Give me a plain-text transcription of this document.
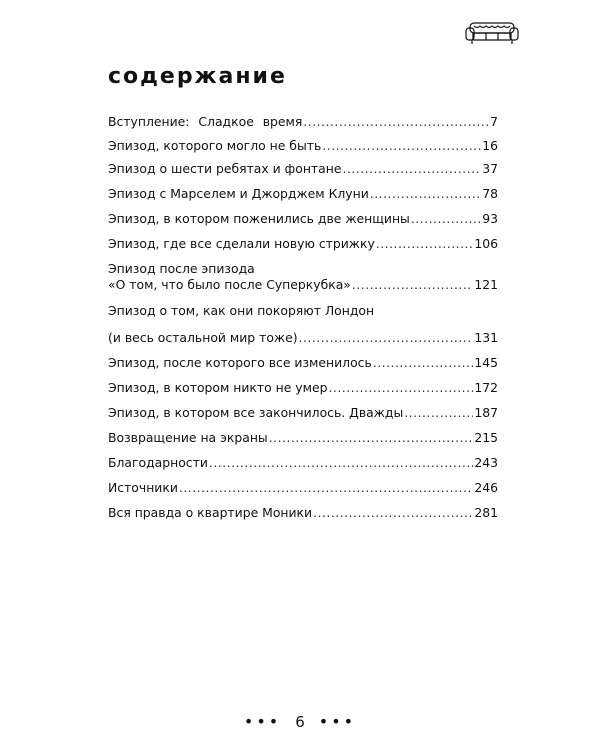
содержание
Вступление: Сладкое время .....	7
Эпизод, которого могло не быть .....	16
Эпизод о шести ребятах и фонтане .....	37
Эпизод с Марселем и Джорджем Клуни .....	78
Эпизод, в котором поженились две женщины .....	93
Эпизод, где все сделали новую стрижку .....	106
Эпизод после эпизода
«О том, что было после Суперкубка» .....	121
Эпизод о том, как они покоряют Лондон
(и весь остальной мир тоже) .....	131
Эпизод, после которого все изменилось .....	145
Эпизод, в котором никто не умер .....	172
Эпизод, в котором все закончилось. Дважды .....	187
Возвращение на экраны .....	215
Благодарности .....	243
Источники .....	246
Вся правда о квартире Моники .....	281
••• 6 •••
